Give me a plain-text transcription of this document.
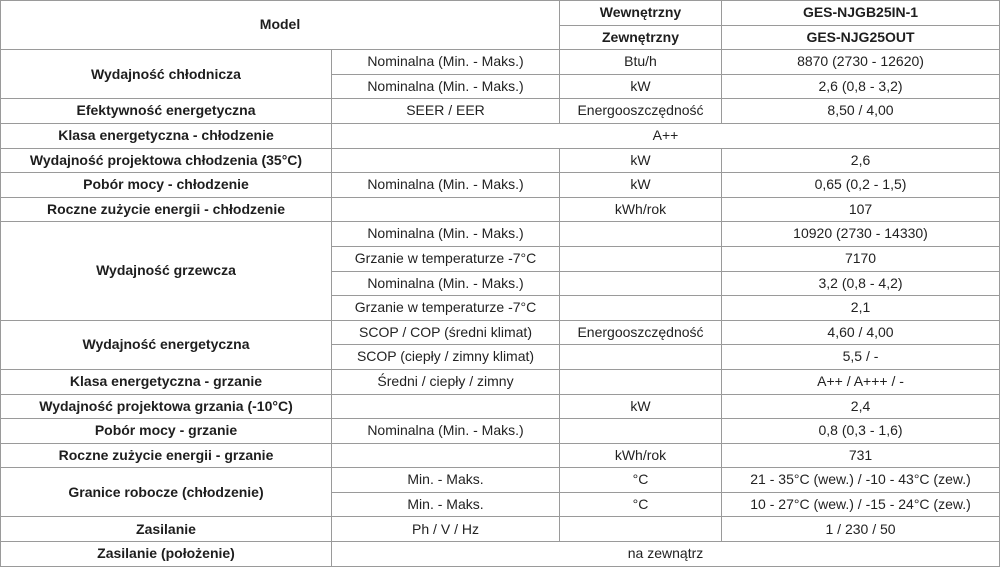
Model		Wewnętrzny	GES-NJGB25IN-1
		Zewnętrzny	GES-NJG25OUT
Wydajność chłodnicza	Nominalna (Min. - Maks.)	Btu/h	8870 (2730 - 12620)
	Nominalna (Min. - Maks.)	kW	2,6 (0,8 - 3,2)
Efektywność energetyczna	SEER / EER	Energooszczędność	8,50 / 4,00
Klasa energetyczna - chłodzenie	A++		
Wydajność projektowa chłodzenia (35°C)		kW	2,6
Pobór mocy - chłodzenie	Nominalna (Min. - Maks.)	kW	0,65 (0,2 - 1,5)
Roczne zużycie energii - chłodzenie		kWh/rok	107
Wydajność grzewcza	Nominalna (Min. - Maks.)		10920 (2730 - 14330)
	Grzanie w temperaturze -7°C		7170
	Nominalna (Min. - Maks.)		3,2 (0,8 - 4,2)
	Grzanie w temperaturze -7°C		2,1
Wydajność energetyczna	SCOP / COP (średni klimat)	Energooszczędność	4,60 / 4,00
	SCOP (ciepły / zimny klimat)		5,5 / -
Klasa energetyczna - grzanie	Średni / ciepły / zimny		A++ / A+++ / -
Wydajność projektowa grzania (-10°C)		kW	2,4
Pobór mocy - grzanie	Nominalna (Min. - Maks.)		0,8 (0,3 - 1,6)
Roczne zużycie energii - grzanie		kWh/rok	731
Granice robocze (chłodzenie)	Min. - Maks.	°C	21 - 35°C (wew.) / -10 - 43°C (zew.)
	Min. - Maks.	°C	10 - 27°C (wew.) / -15 - 24°C (zew.)
Zasilanie	Ph / V / Hz		1 / 230 / 50
Zasilanie (położenie)	na zewnątrz		
